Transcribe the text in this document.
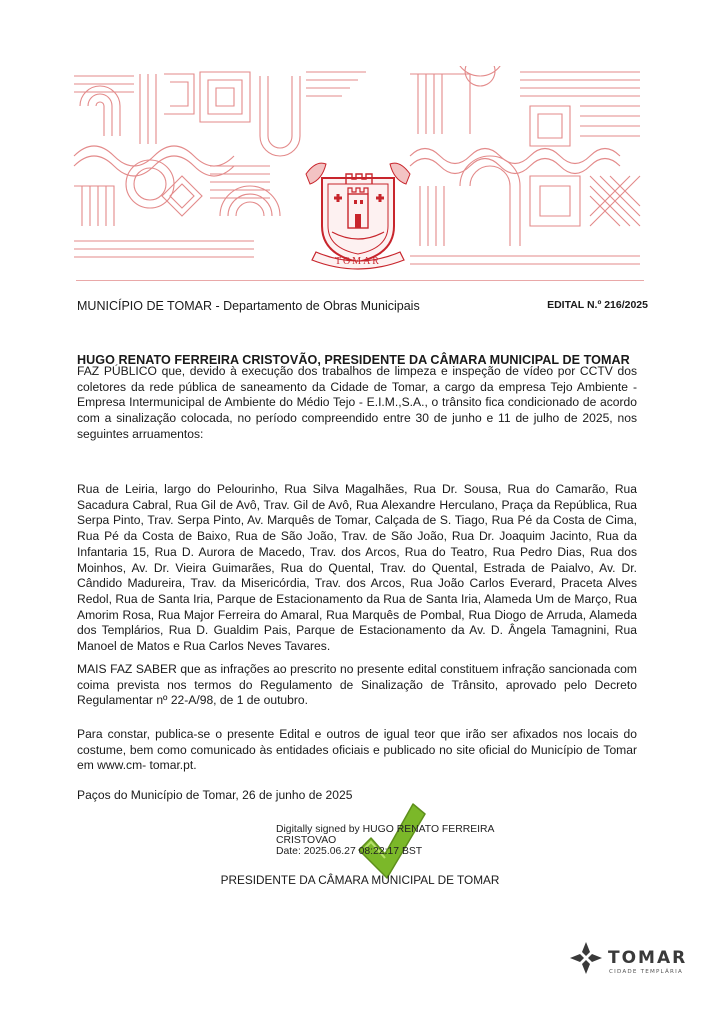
TOMAR
MUNICÍPIO DE TOMAR - Departamento de Obras Municipais	EDITAL N.º 216/2025
HUGO RENATO FERREIRA CRISTOVÃO, PRESIDENTE DA CÂMARA MUNICIPAL DE TOMAR

FAZ PÚBLICO que, devido à execução dos trabalhos de limpeza e inspeção de vídeo por CCTV dos coletores da rede pública de saneamento da Cidade de Tomar, a cargo da empresa Tejo Ambiente - Empresa Intermunicipal de Ambiente do Médio Tejo - E.I.M.,S.A., o trânsito fica condicionado de acordo com a sinalização colocada, no período compreendido entre 30 de junho e 11 de julho de 2025, nos seguintes arruamentos:

Rua de Leiria, largo do Pelourinho, Rua Silva Magalhães, Rua Dr. Sousa, Rua do Camarão, Rua Sacadura Cabral, Rua Gil de Avô, Trav. Gil de Avô, Rua Alexandre Herculano, Praça da República, Rua Serpa Pinto, Trav. Serpa Pinto, Av. Marquês de Tomar, Calçada de S. Tiago, Rua Pé da Costa de Cima, Rua Pé da Costa de Baixo, Rua de São João, Trav. de São João, Rua Dr. Joaquim Jacinto, Rua da Infantaria 15, Rua D. Aurora de Macedo, Trav. dos Arcos, Rua do Teatro, Rua Pedro Dias, Rua dos Moinhos, Av. Dr. Vieira Guimarães, Rua do Quental, Trav. do Quental, Estrada de Paialvo, Av. Dr. Cândido Madureira, Trav. da Misericórdia, Trav. dos Arcos, Rua João Carlos Everard, Praceta Alves Redol, Rua de Santa Iria, Parque de Estacionamento da Rua de Santa Iria, Alameda Um de Março, Rua Amorim Rosa, Rua Major Ferreira do Amaral, Rua Marquês de Pombal, Rua Diogo de Arruda, Alameda dos Templários, Rua D. Gualdim Pais, Parque de Estacionamento da Av. D. Ângela Tamagnini, Rua Manoel de Matos e Rua Carlos Neves Tavares.

MAIS FAZ SABER que as infrações ao prescrito no presente edital constituem infração sancionada com coima prevista nos termos do Regulamento de Sinalização de Trânsito, aprovado pelo Decreto Regulamentar nº 22-A/98, de 1 de outubro.

Para constar, publica-se o presente Edital e outros de igual teor que irão ser afixados nos locais do costume, bem como comunicado às entidades oficiais e publicado no site oficial do Município de Tomar em www.cm- tomar.pt.

Paços do Município de Tomar, 26 de junho de 2025
Digitally signed by HUGO RENATO FERREIRA
CRISTOVAO
Date: 2025.06.27 08:22:17 BST
PRESIDENTE DA CÂMARA MUNICIPAL DE TOMAR
TOMAR
CIDADE TEMPLÁRIA
